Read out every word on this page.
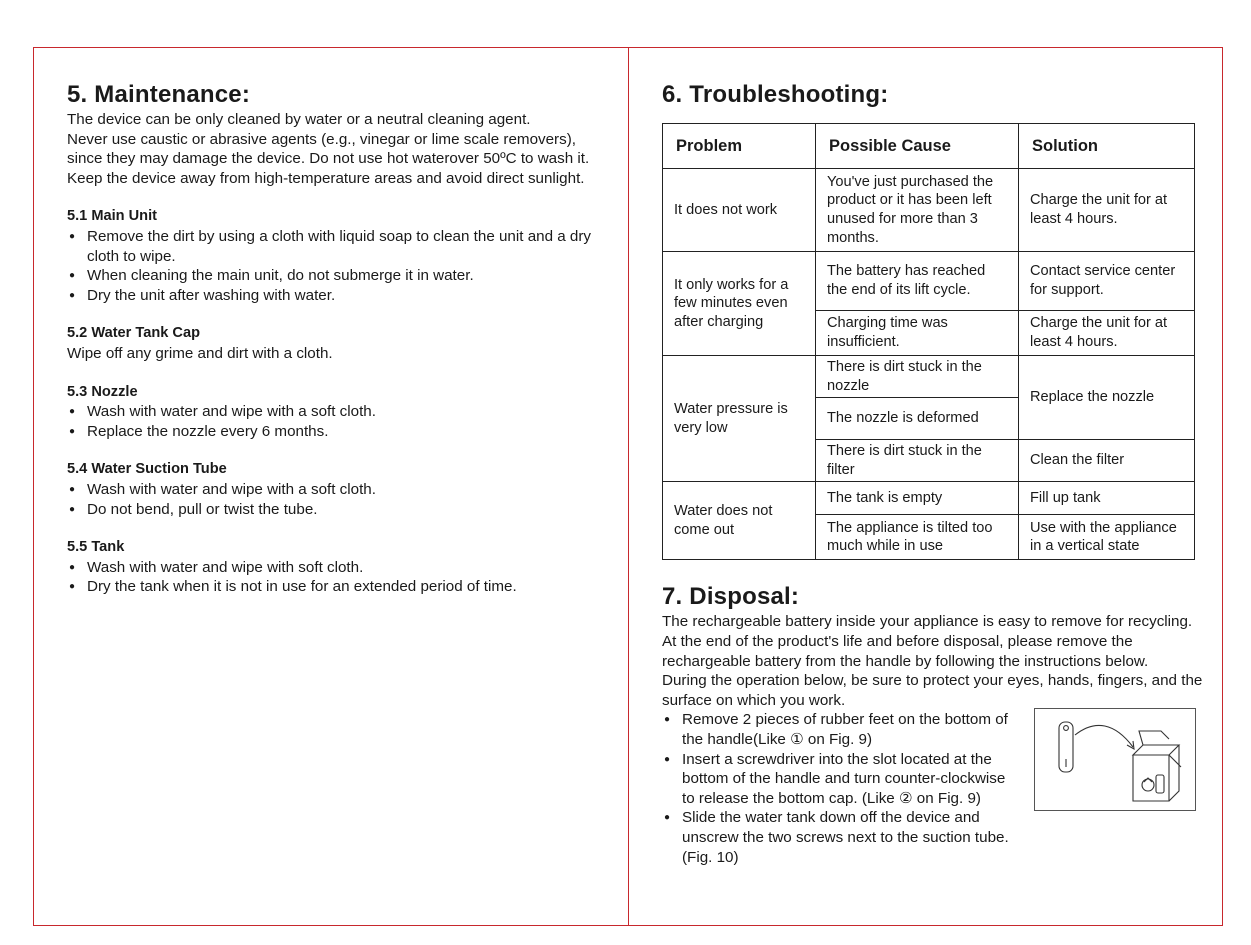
5. Maintenance:

The device can be only cleaned by water or a neutral cleaning agent.

Never use caustic or abrasive agents (e.g., vinegar or lime scale removers),

since they may damage the device. Do not use hot waterover 50ºC to wash it.

Keep the device away from high-temperature areas and avoid direct sunlight.

5.1 Main Unit

● Remove the dirt by using a cloth with liquid soap to clean the unit and a dry cloth to wipe.
● When cleaning the main unit, do not submerge it in water.
● Dry the unit after washing with water.

5.2 Water Tank Cap

Wipe off any grime and dirt with a cloth.

5.3 Nozzle

● Wash with water and wipe with a soft cloth.
● Replace the nozzle every 6 months.

5.4 Water Suction Tube

● Wash with water and wipe with a soft cloth.
● Do not bend, pull or twist the tube.

5.5 Tank

● Wash with water and wipe with soft cloth.
● Dry the tank when it is not in use for an extended period of time.
6. Troubleshooting:
Problem	Possible Cause	Solution
It does not work	You've just purchased the product or it has been left unused for more than 3 months.	Charge the unit for at least 4 hours.
It only works for a few minutes even after charging	The battery has reached the end of its lift cycle.	Contact service center for support.
	Charging time was insufficient.	Charge the unit for at least 4 hours.
Water pressure is very low	There is dirt stuck in the nozzle	Replace the nozzle
	The nozzle is deformed	
	There is dirt stuck in the filter	Clean the filter
Water does not come out	The tank is empty	Fill up tank
	The appliance is tilted too much while in use	Use with the appliance in a vertical state
7. Disposal:

The rechargeable battery inside your appliance is easy to remove for recycling.

At the end of the product's life and before disposal, please remove the

rechargeable battery from the handle by following the instructions below.

During the operation below, be sure to protect your eyes, hands, fingers, and the

surface on which you work.

● Remove 2 pieces of rubber feet on the bottom of the handle(Like ① on Fig. 9)
● Insert a screwdriver into the slot located at the bottom of the handle and turn counter-clockwise to release the bottom cap. (Like ② on Fig. 9)
● Slide the water tank down off the device and unscrew the two screws next to the suction tube. (Fig. 10)
